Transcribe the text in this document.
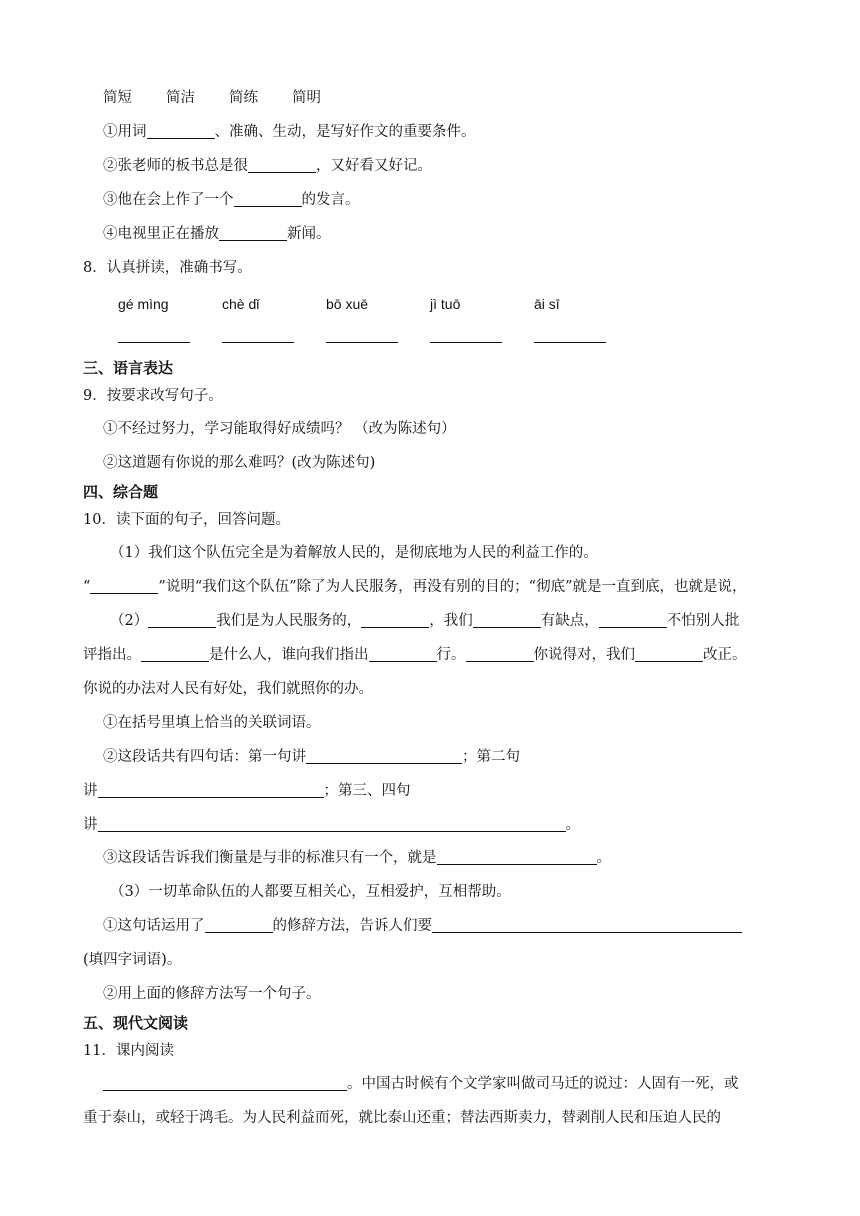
简短 简洁 简练 简明
①用词	、准确、生动，是写好作文的重要条件。
②张老师的板书总是很	，又好看又好记。
③他在会上作了一个	的发言。
④电视里正在播放	新闻。
8．认真拼读，准确书写。
gé mìng	chè dǐ	bō xuē	jì tuō	āi sī
三、语言表达
9．按要求改写句子。
①不经过努力，学习能取得好成绩吗？ （改为陈述句）
②这道题有你说的那么难吗？(改为陈述句)
四、综合题
10．读下面的句子，回答问题。
（1）我们这个队伍完全是为着解放人民的，是彻底地为人民的利益工作的。
“	”说明“我们这个队伍”除了为人民服务，再没有别的目的；“彻底”就是一直到底，也就是说，
（2）	我们是为人民服务的，	，我们	有缺点，	不怕别人批
评指出。	是什么人，谁向我们指出	行。	你说得对，我们	改正。
你说的办法对人民有好处，我们就照你的办。
①在括号里填上恰当的关联词语。
②这段话共有四句话：第一句讲	；第二句
讲	；第三、四句
讲	。
③这段话告诉我们衡量是与非的标准只有一个，就是	。
（3）一切革命队伍的人都要互相关心，互相爱护，互相帮助。
①这句话运用了	的修辞方法，告诉人们要
(填四字词语)。
②用上面的修辞方法写一个句子。
五、现代文阅读
11．课内阅读
。中国古时候有个文学家叫做司马迁的说过：人固有一死，或
重于泰山，或轻于鸿毛。为人民利益而死，就比泰山还重；替法西斯卖力，替剥削人民和压迫人民的
